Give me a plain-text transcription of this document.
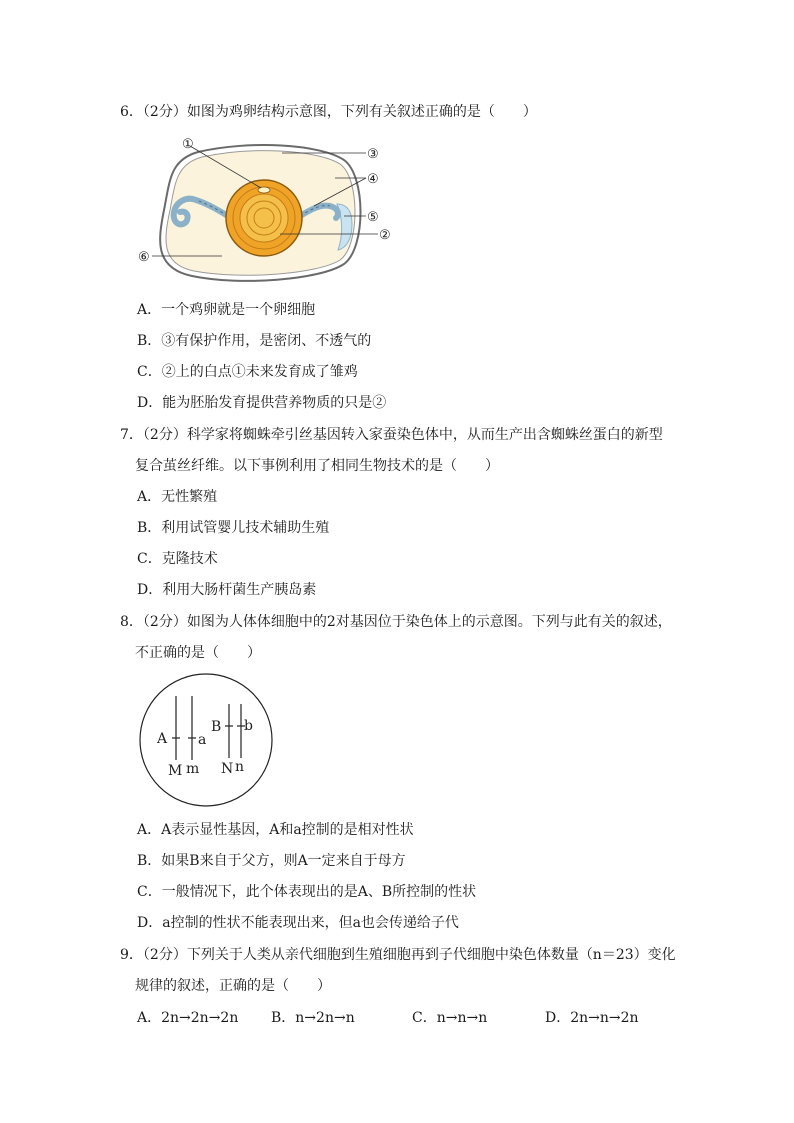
6．（2分）如图为鸡卵结构示意图，下列有关叙述正确的是（　　）
①
③
④
⑤
②
⑥
A．一个鸡卵就是一个卵细胞
B．③有保护作用，是密闭、不透气的
C．②上的白点①未来发育成了雏鸡
D．能为胚胎发育提供营养物质的只是②
7．（2分）科学家将蜘蛛牵引丝基因转入家蚕染色体中，从而生产出含蜘蛛丝蛋白的新型
复合茧丝纤维。以下事例利用了相同生物技术的是（　　）
A．无性繁殖
B．利用试管婴儿技术辅助生殖
C．克隆技术
D．利用大肠杆菌生产胰岛素
8．（2分）如图为人体体细胞中的2对基因位于染色体上的示意图。下列与此有关的叙述，
不正确的是（　　）
A a
B b
M m N n
A．A表示显性基因，A和a控制的是相对性状
B．如果B来自于父方，则A一定来自于母方
C．一般情况下，此个体表现出的是A、B所控制的性状
D．a控制的性状不能表现出来，但a也会传递给子代
9．（2分）下列关于人类从亲代细胞到生殖细胞再到子代细胞中染色体数量（n＝23）变化
规律的叙述，正确的是（　　）
A．2n→2n→2n B．n→2n→n	C．n→n→n	D．2n→n→2n
